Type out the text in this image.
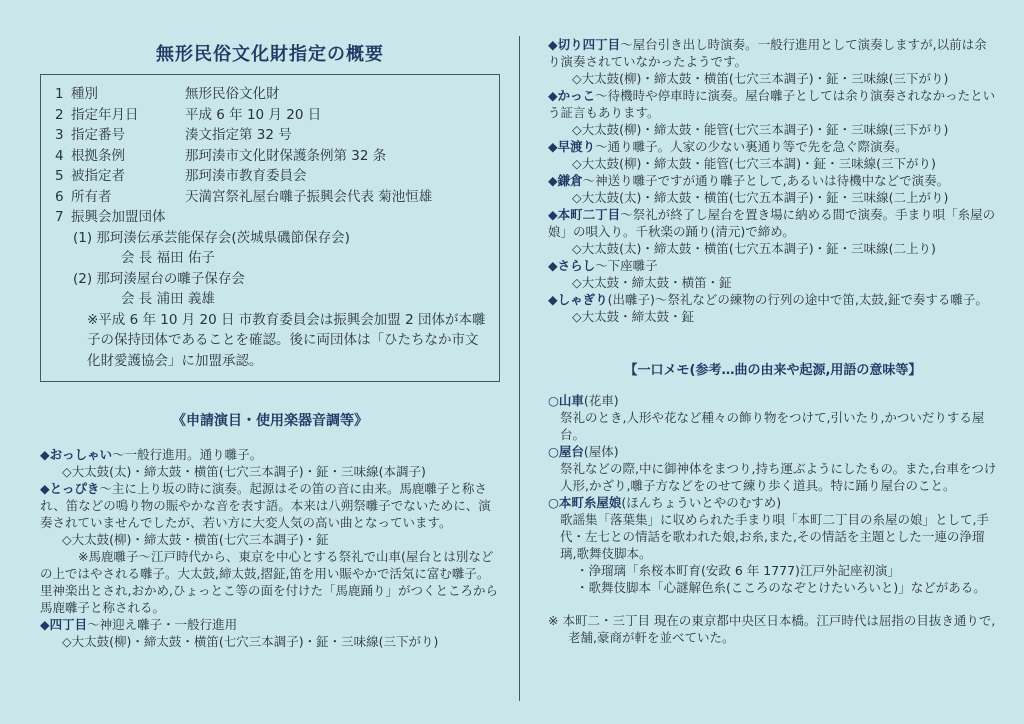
無形民俗文化財指定の概要
1 種別	無形民俗文化財
2 指定年月日	平成 6 年 10 月 20 日
3 指定番号	湊文指定第 32 号
4 根拠条例	那珂湊市文化財保護条例第 32 条
5 被指定者	那珂湊市教育委員会
6 所有者	天満宮祭礼屋台囃子振興会代表 菊池恒雄
7 振興会加盟団体
(1) 那珂湊伝承芸能保存会(茨城県磯節保存会)
会 長 福田 佑子
(2) 那珂湊屋台の囃子保存会
会 長 浦田 義雄
※平成 6 年 10 月 20 日 市教育委員会は振興会加盟 2 団体が本囃子の保持団体であることを確認。後に両団体は「ひたちなか市文化財愛護協会」に加盟承認。
《申請演目・使用楽器音調等》
◆おっしゃい〜一般行進用。通り囃子。
◇大太鼓(太)・締太鼓・横笛(七穴三本調子)・鉦・三味線(本調子)
◆とっぴき〜主に上り坂の時に演奏。起源はその笛の音に由来。馬鹿囃子と称され、笛などの鳴り物の賑やかな音を表す語。本来は八朔祭囃子でないために、演奏されていませんでしたが、若い方に大変人気の高い曲となっています。
◇大太鼓(柳)・締太鼓・横笛(七穴三本調子)・鉦
※馬鹿囃子〜江戸時代から、東京を中心とする祭礼で山車(屋台とは別などの上ではやされる囃子。大太鼓,締太鼓,摺鉦,笛を用い賑やかで活気に富む囃子。里神楽出とされ,おかめ,ひょっとこ等の面を付けた「馬鹿踊り」がつくところから馬鹿囃子と称される。
◆四丁目〜神迎え囃子・一般行進用
◇大太鼓(柳)・締太鼓・横笛(七穴三本調子)・鉦・三味線(三下がり)
◆切り四丁目〜屋台引き出し時演奏。一般行進用として演奏しますが,以前は余り演奏されていなかったようです。
◇大太鼓(柳)・締太鼓・横笛(七穴三本調子)・鉦・三味線(三下がり)
◆かっこ〜待機時や停車時に演奏。屋台囃子としては余り演奏されなかったという証言もあります。
◇大太鼓(柳)・締太鼓・能管(七穴三本調子)・鉦・三味線(三下がり)
◆早渡り〜通り囃子。人家の少ない裏通り等で先を急ぐ際演奏。
◇大太鼓(柳)・締太鼓・能管(七穴三本調)・鉦・三味線(三下がり)
◆鎌倉〜神送り囃子ですが通り囃子として,あるいは待機中などで演奏。
◇大太鼓(太)・締太鼓・横笛(七穴五本調子)・鉦・三味線(二上がり)
◆本町二丁目〜祭礼が終了し屋台を置き場に納める間で演奏。手まり唄「糸屋の娘」の唄入り。千秋楽の踊り(清元)で締め。
◇大太鼓(太)・締太鼓・横笛(七穴五本調子)・鉦・三味線(二上り)
◆さらし〜下座囃子
◇大太鼓・締太鼓・横笛・鉦
◆しゃぎり(出囃子)〜祭礼などの練物の行列の途中で笛,太鼓,鉦で奏する囃子。
◇大太鼓・締太鼓・鉦
【一口メモ(参考…曲の由来や起源,用語の意味等】
○山車(花車)
祭礼のとき,人形や花など種々の飾り物をつけて,引いたり,かついだりする屋台。
○屋台(屋体)
祭礼などの際,中に御神体をまつり,持ち運ぶようにしたもの。また,台車をつけ人形,かざり,囃子方などをのせて練り歩く道具。特に踊り屋台のこと。
○本町糸屋娘(ほんちょういとやのむすめ)
歌謡集「落葉集」に収められた手まり唄「本町二丁目の糸屋の娘」として,手代・左七との情話を歌われた娘,お糸,また,その情話を主題とした一連の浄瑠璃,歌舞伎脚本。
・浄瑠璃「糸桜本町育(安政 6 年 1777)江戸外記座初演」
・歌舞伎脚本「心謎解色糸(こころのなぞとけたいろいと)」などがある。
※ 本町二・三丁目 現在の東京都中央区日本橋。江戸時代は屈指の目抜き通りで,老舗,豪商が軒を並べていた。
